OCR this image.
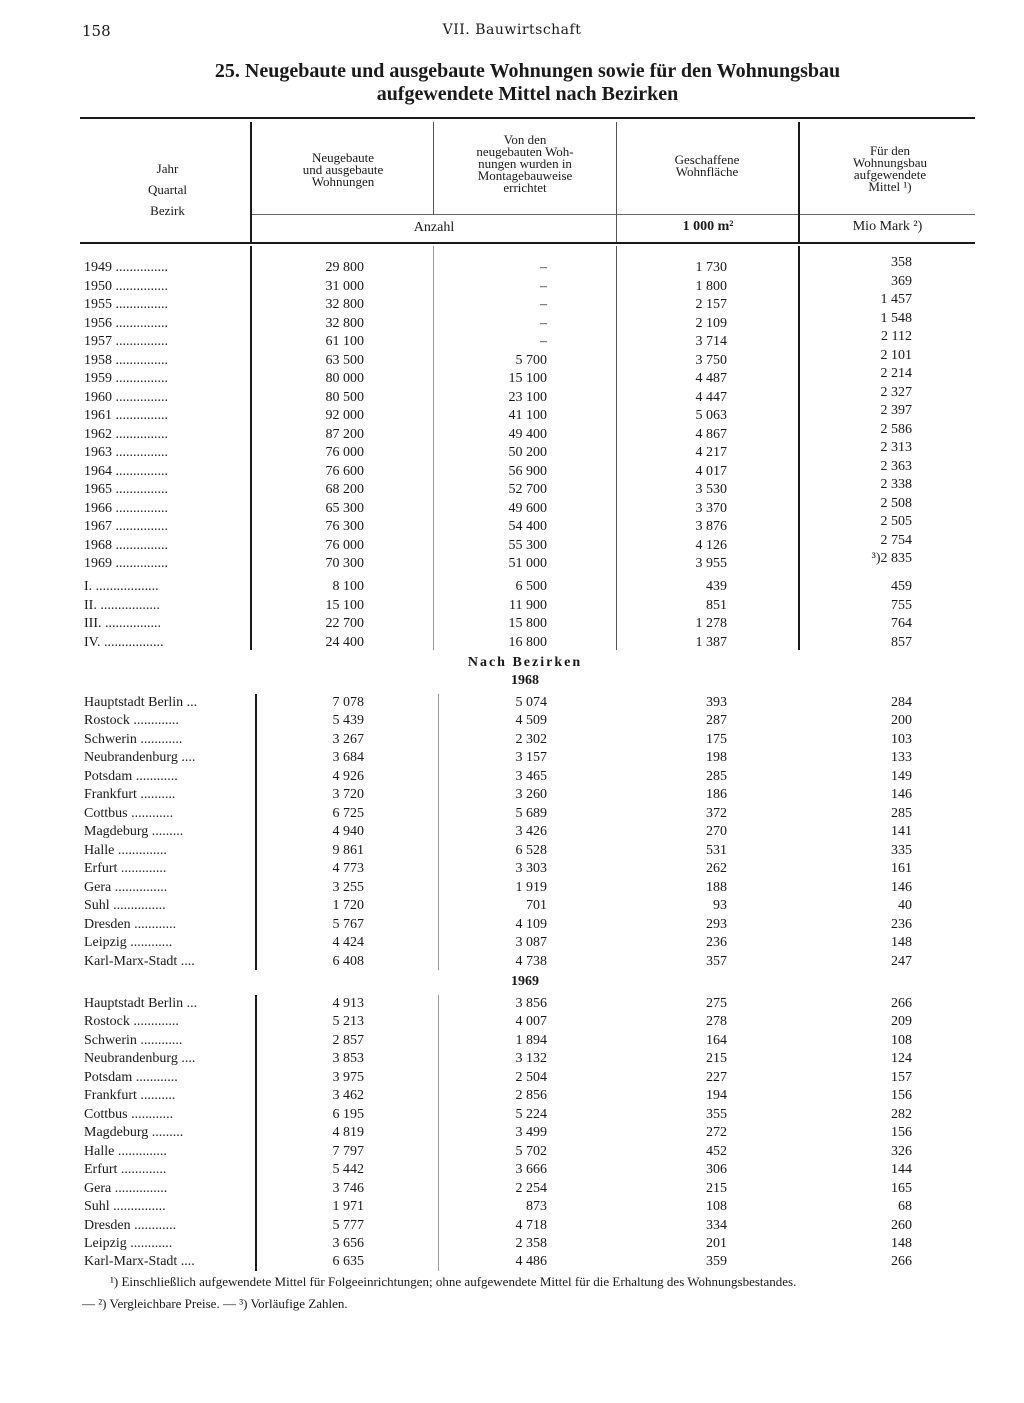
158	VII. Bauwirtschaft
25. Neugebaute und ausgebaute Wohnungen sowie für den Wohnungsbau
aufgewendete Mittel nach Bezirken
Jahr
Quartal
Bezirk
Neugebaute
und ausgebaute
Wohnungen
Von den
neugebauten Woh-
nungen wurden in
Montagebauweise
errichtet
Geschaffene
Wohnfläche
Für den
Wohnungsbau
aufgewendete
Mittel ¹)
Anzahl	1 000 m²	Mio Mark ²)
1949 ...............	29 800	–	1 730	358
1950 ...............	31 000	–	1 800	369
1955 ...............	32 800	–	2 157	1 457
1956 ...............	32 800	–	2 109	1 548
1957 ...............	61 100	–	3 714	2 112
1958 ...............	63 500	5 700	3 750	2 101
1959 ...............	80 000	15 100	4 487	2 214
1960 ...............	80 500	23 100	4 447	2 327
1961 ...............	92 000	41 100	5 063	2 397
1962 ...............	87 200	49 400	4 867	2 586
1963 ...............	76 000	50 200	4 217	2 313
1964 ...............	76 600	56 900	4 017	2 363
1965 ...............	68 200	52 700	3 530	2 338
1966 ...............	65 300	49 600	3 370	2 508
1967 ...............	76 300	54 400	3 876	2 505
1968 ...............	76 000	55 300	4 126	2 754
1969 ...............	70 300	51 000	3 955	³)2 835
I. ..................	8 100	6 500	439	459
II. .................	15 100	11 900	851	755
III. ................	22 700	15 800	1 278	764
IV. .................	24 400	16 800	1 387	857
Nach Bezirken
1968
Hauptstadt Berlin ...	7 078	5 074	393	284
Rostock .............	5 439	4 509	287	200
Schwerin ............	3 267	2 302	175	103
Neubrandenburg ....	3 684	3 157	198	133
Potsdam ............	4 926	3 465	285	149
Frankfurt ..........	3 720	3 260	186	146
Cottbus ............	6 725	5 689	372	285
Magdeburg .........	4 940	3 426	270	141
Halle ..............	9 861	6 528	531	335
Erfurt .............	4 773	3 303	262	161
Gera ...............	3 255	1 919	188	146
Suhl ...............	1 720	701	93	40
Dresden ............	5 767	4 109	293	236
Leipzig ............	4 424	3 087	236	148
Karl-Marx-Stadt ....	6 408	4 738	357	247
1969
Hauptstadt Berlin ...	4 913	3 856	275	266
Rostock .............	5 213	4 007	278	209
Schwerin ............	2 857	1 894	164	108
Neubrandenburg ....	3 853	3 132	215	124
Potsdam ............	3 975	2 504	227	157
Frankfurt ..........	3 462	2 856	194	156
Cottbus ............	6 195	5 224	355	282
Magdeburg .........	4 819	3 499	272	156
Halle ..............	7 797	5 702	452	326
Erfurt .............	5 442	3 666	306	144
Gera ...............	3 746	2 254	215	165
Suhl ...............	1 971	873	108	68
Dresden ............	5 777	4 718	334	260
Leipzig ............	3 656	2 358	201	148
Karl-Marx-Stadt ....	6 635	4 486	359	266
¹) Einschließlich aufgewendete Mittel für Folgeeinrichtungen; ohne aufgewendete Mittel für die Erhaltung des Wohnungsbestandes.
— ²) Vergleichbare Preise. — ³) Vorläufige Zahlen.
